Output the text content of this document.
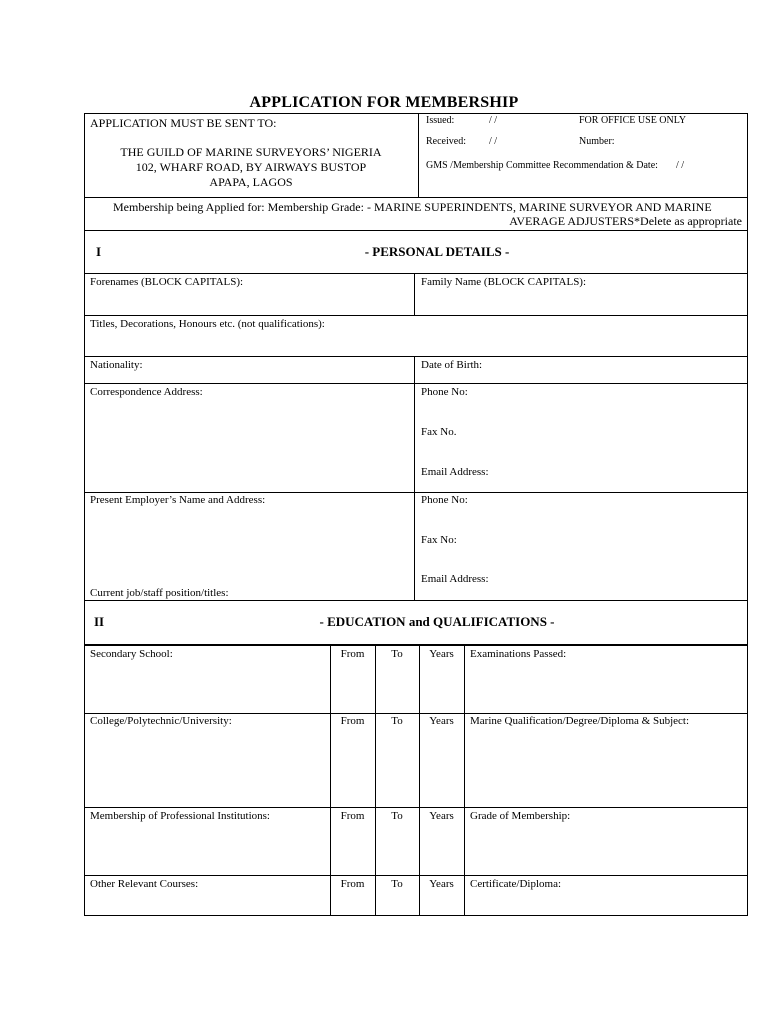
APPLICATION FOR MEMBERSHIP
APPLICATION MUST BE SENT TO:
THE GUILD OF MARINE SURVEYORS’ NIGERIA
102, WHARF ROAD, BY AIRWAYS BUSTOP
APAPA, LAGOS
Issued:	/ /	FOR OFFICE USE ONLY
Received: / /	Number:
GMS /Membership Committee Recommendation & Date: / /
Membership being Applied for: Membership Grade: - MARINE SUPERINDENTS, MARINE SURVEYOR AND MARINE
AVERAGE ADJUSTERS*Delete as appropriate
I	- PERSONAL DETAILS -
Forenames (BLOCK CAPITALS):	Family Name (BLOCK CAPITALS):
Titles, Decorations, Honours etc. (not qualifications):
Nationality:	Date of Birth:
Correspondence Address:	Phone No:
Fax No.
Email Address:
Present Employer’s Name and Address:
Current job/staff position/titles:
Phone No:
Fax No:
Email Address:
II	- EDUCATION and QUALIFICATIONS -
Secondary School:	From	To	Years	Examinations Passed:
College/Polytechnic/University:	From	To	Years	Marine Qualification/Degree/Diploma & Subject:
Membership of Professional Institutions:	From	To	Years	Grade of Membership:
Other Relevant Courses:	From	To	Years	Certificate/Diploma:
